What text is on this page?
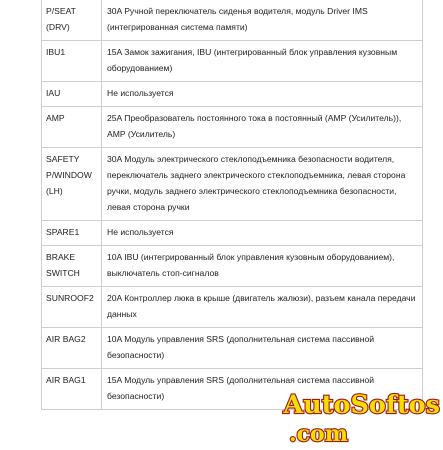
P/SEAT (DRV)	30A Ручной переключатель сиденья водителя, модуль Driver IMS (интегрированная система памяти)
IBU1	15A Замок зажигания, IBU (интегрированный блок управления кузовным оборудованием)
IAU	Не используется
AMP	25A Преобразователь постоянного тока в постоянный (AMP (Усилитель)), AMP (Усилитель)
SAFETY P/WINDOW (LH)	30A Модуль электрического стеклоподъемника безопасности водителя, переключатель заднего электрического стеклоподъемника, левая сторона ручки, модуль заднего электрического стеклоподъемника безопасности, левая сторона ручки
SPARE1	Не используется
BRAKE SWITCH	10A IBU (интегрированный блок управления кузовным оборудованием), выключатель стоп-сигналов
SUNROOF2	20A Контроллер люка в крыше (двигатель жалюзи), разъем канала передачи данных
AIR BAG2	10A Модуль управления SRS (дополнительная система пассивной безопасности)
AIR BAG1	15A Модуль управления SRS (дополнительная система пассивной безопасности)	AutoSoftos
.com
